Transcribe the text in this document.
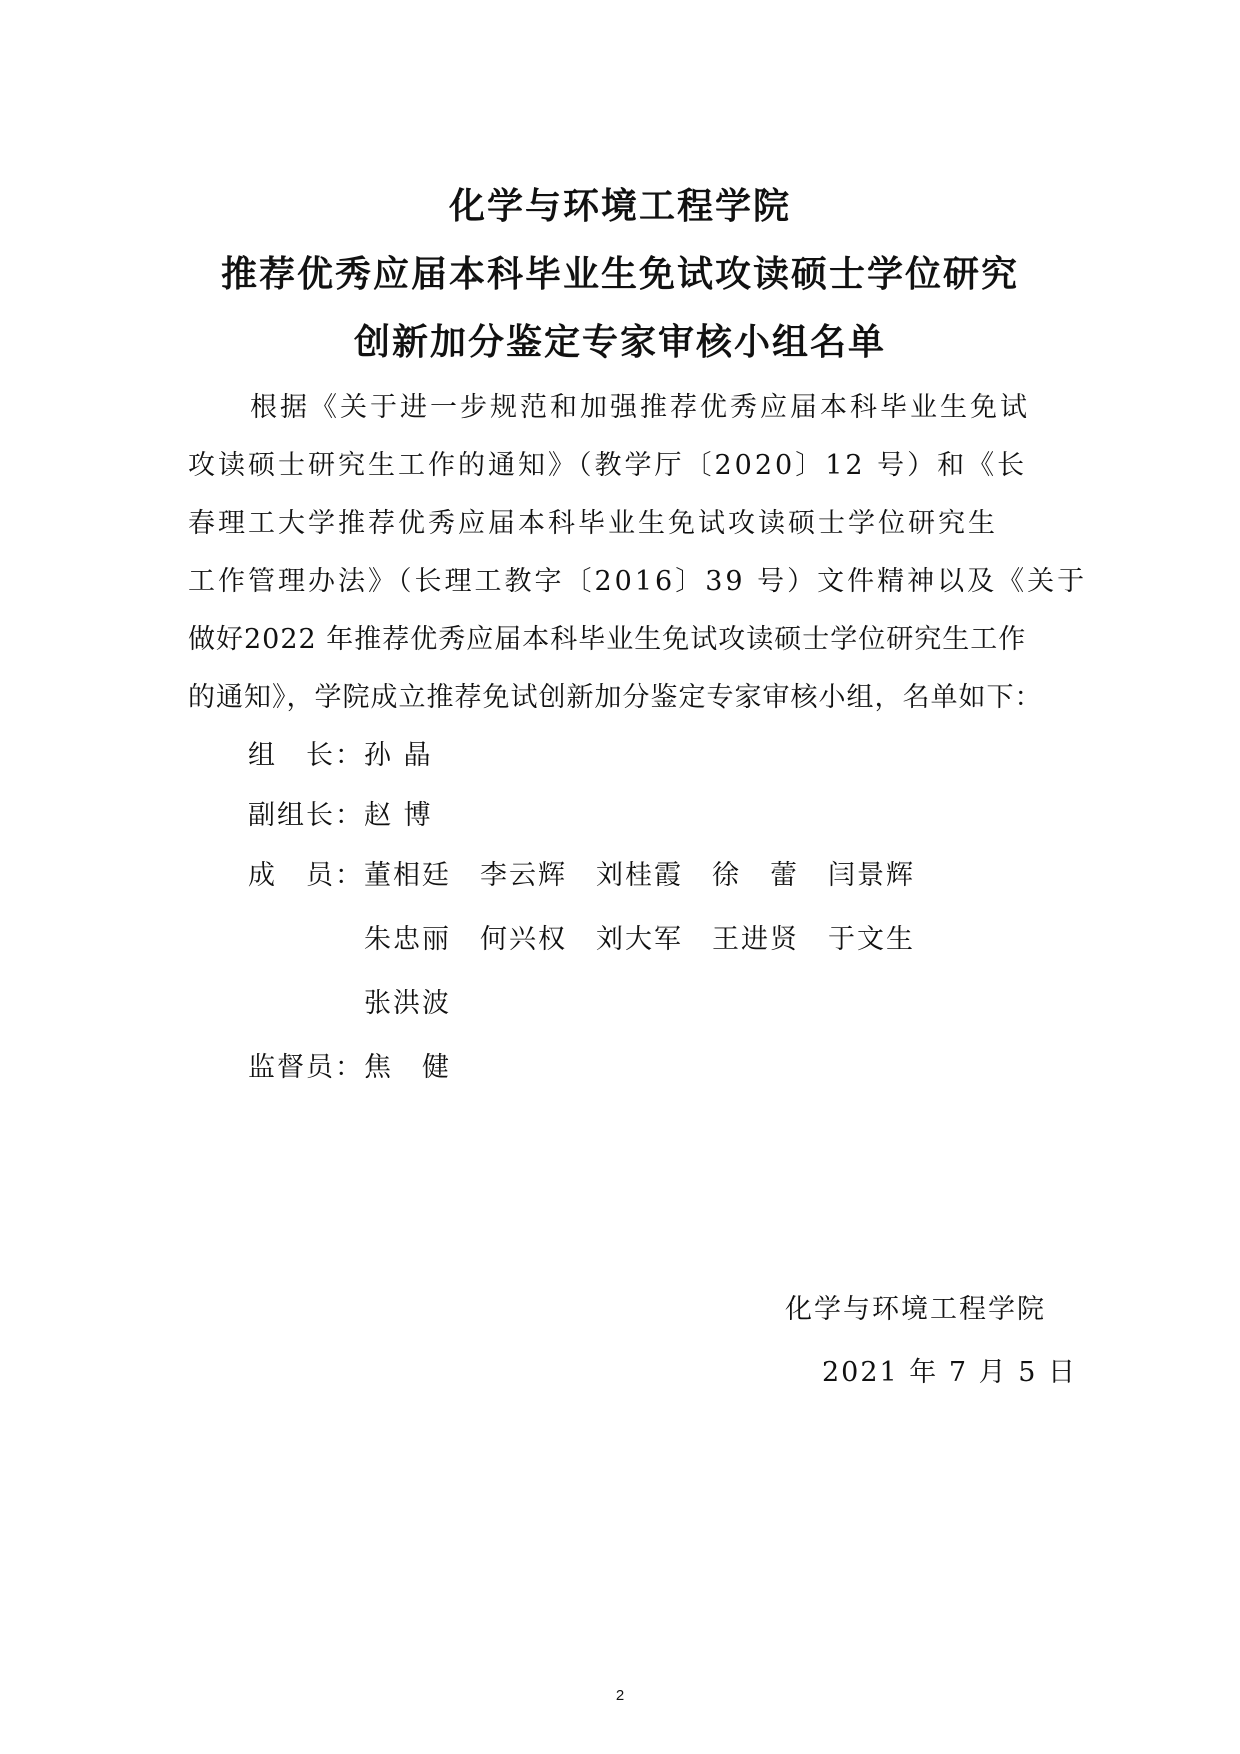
化学与环境工程学院
推荐优秀应届本科毕业生免试攻读硕士学位研究
创新加分鉴定专家审核小组名单
根据《关于进一步规范和加强推荐优秀应届本科毕业生免试
攻读硕士研究生工作的通知》（教学厅〔2020〕12 号）和《长
春理工大学推荐优秀应届本科毕业生免试攻读硕士学位研究生
工作管理办法》（长理工教字〔2016〕39 号）文件精神以及《关于
做好2022 年推荐优秀应届本科毕业生免试攻读硕士学位研究生工作
的通知》，学院成立推荐免试创新加分鉴定专家审核小组，名单如下：
组　长： 孙 晶
副组长： 赵 博
成　员： 董相廷 李云辉 刘桂霞 徐　蕾 闫景辉
朱忠丽 何兴权 刘大军 王进贤 于文生
张洪波
监督员： 焦　健
化学与环境工程学院
2021 年 7 月 5 日
2
